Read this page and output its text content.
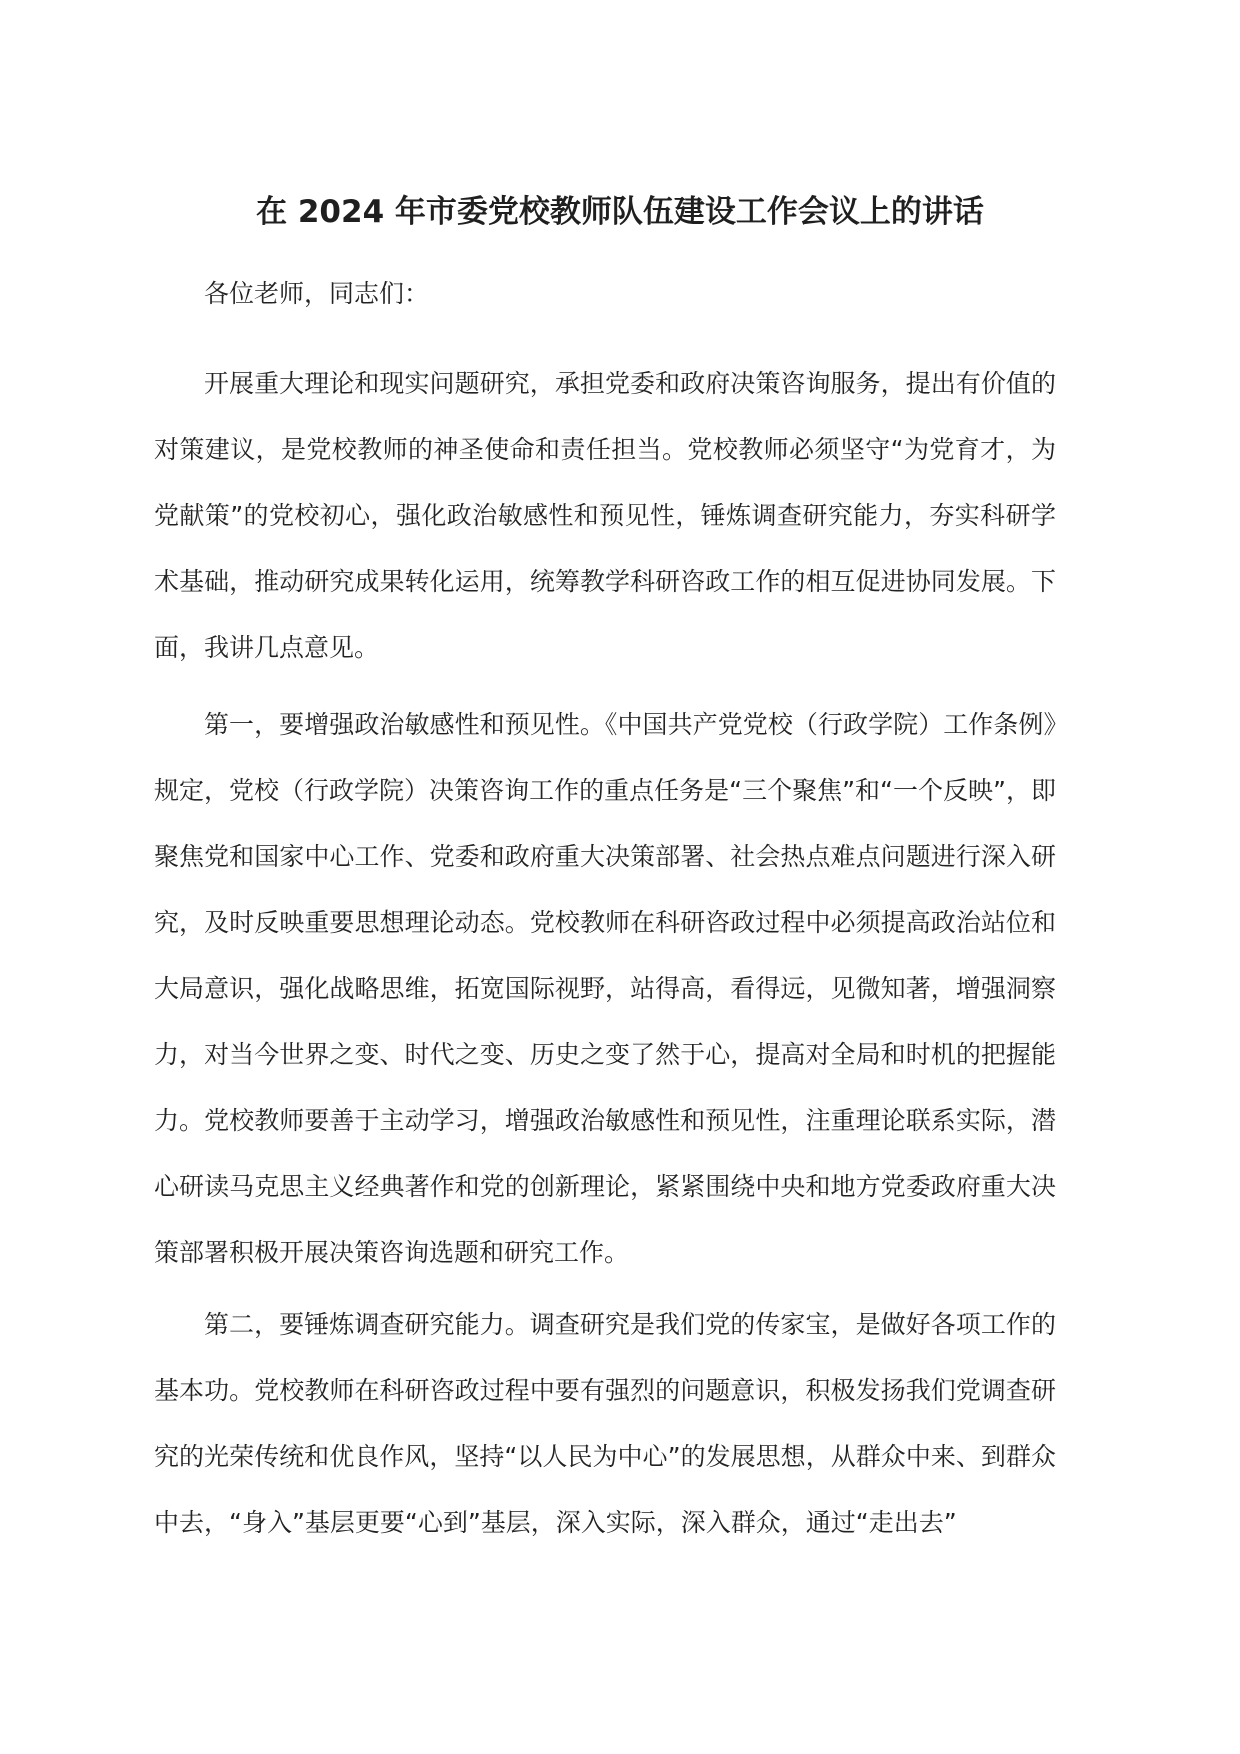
在 2024 年市委党校教师队伍建设工作会议上的讲话

各位老师，同志们：

开展重大理论和现实问题研究，承担党委和政府决策咨询服务，提出有价值的对策建议，是党校教师的神圣使命和责任担当。党校教师必须坚守“为党育才，为党献策”的党校初心，强化政治敏感性和预见性，锤炼调查研究能力，夯实科研学术基础，推动研究成果转化运用，统筹教学科研咨政工作的相互促进协同发展。下面，我讲几点意见。

第一，要增强政治敏感性和预见性。《中国共产党党校（行政学院）工作条例》规定，党校（行政学院）决策咨询工作的重点任务是“三个聚焦”和“一个反映”，即聚焦党和国家中心工作、党委和政府重大决策部署、社会热点难点问题进行深入研究，及时反映重要思想理论动态。党校教师在科研咨政过程中必须提高政治站位和大局意识，强化战略思维，拓宽国际视野，站得高，看得远，见微知著，增强洞察力，对当今世界之变、时代之变、历史之变了然于心，提高对全局和时机的把握能力。党校教师要善于主动学习，增强政治敏感性和预见性，注重理论联系实际，潜心研读马克思主义经典著作和党的创新理论，紧紧围绕中央和地方党委政府重大决策部署积极开展决策咨询选题和研究工作。

第二，要锤炼调查研究能力。调查研究是我们党的传家宝，是做好各项工作的基本功。党校教师在科研咨政过程中要有强烈的问题意识，积极发扬我们党调查研究的光荣传统和优良作风，坚持“以人民为中心”的发展思想，从群众中来、到群众中去，“身入”基层更要“心到”基层，深入实际，深入群众，通过“走出去”
